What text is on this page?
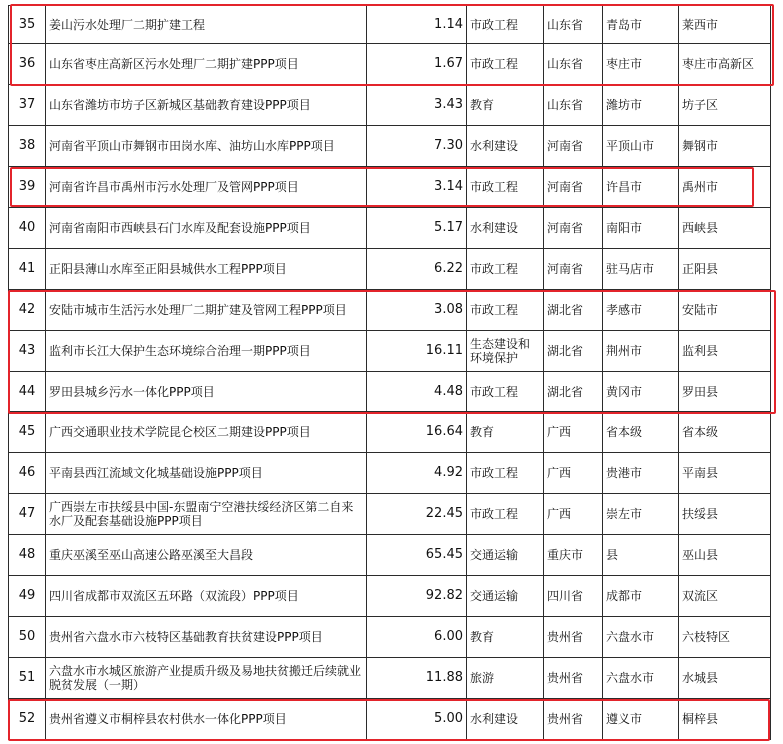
35	姜山污水处理厂二期扩建工程	1.14	市政工程	山东省	青岛市	莱西市
36	山东省枣庄高新区污水处理厂二期扩建PPP项目	1.67	市政工程	山东省	枣庄市	枣庄市高新区
37	山东省潍坊市坊子区新城区基础教育建设PPP项目	3.43	教育	山东省	潍坊市	坊子区
38	河南省平顶山市舞钢市田岗水库、油坊山水库PPP项目	7.30	水利建设	河南省	平顶山市	舞钢市
39	河南省许昌市禹州市污水处理厂及管网PPP项目	3.14	市政工程	河南省	许昌市	禹州市
40	河南省南阳市西峡县石门水库及配套设施PPP项目	5.17	水利建设	河南省	南阳市	西峡县
41	正阳县薄山水库至正阳县城供水工程PPP项目	6.22	市政工程	河南省	驻马店市	正阳县
42	安陆市城市生活污水处理厂二期扩建及管网工程PPP项目	3.08	市政工程	湖北省	孝感市	安陆市
43	监利市长江大保护生态环境综合治理一期PPP项目	16.11	生态建设和环境保护	湖北省	荆州市	监利县
44	罗田县城乡污水一体化PPP项目	4.48	市政工程	湖北省	黄冈市	罗田县
45	广西交通职业技术学院昆仑校区二期建设PPP项目	16.64	教育	广西	省本级	省本级
46	平南县西江流域文化城基础设施PPP项目	4.92	市政工程	广西	贵港市	平南县
47	广西崇左市扶绥县中国-东盟南宁空港扶绥经济区第二自来水厂及配套基础设施PPP项目	22.45	市政工程	广西	崇左市	扶绥县
48	重庆巫溪至巫山高速公路巫溪至大昌段	65.45	交通运输	重庆市	县	巫山县
49	四川省成都市双流区五环路（双流段）PPP项目	92.82	交通运输	四川省	成都市	双流区
50	贵州省六盘水市六枝特区基础教育扶贫建设PPP项目	6.00	教育	贵州省	六盘水市	六枝特区
51	六盘水市水城区旅游产业提质升级及易地扶贫搬迁后续就业脱贫发展（一期）	11.88	旅游	贵州省	六盘水市	水城县
52	贵州省遵义市桐梓县农村供水一体化PPP项目	5.00	水利建设	贵州省	遵义市	桐梓县
